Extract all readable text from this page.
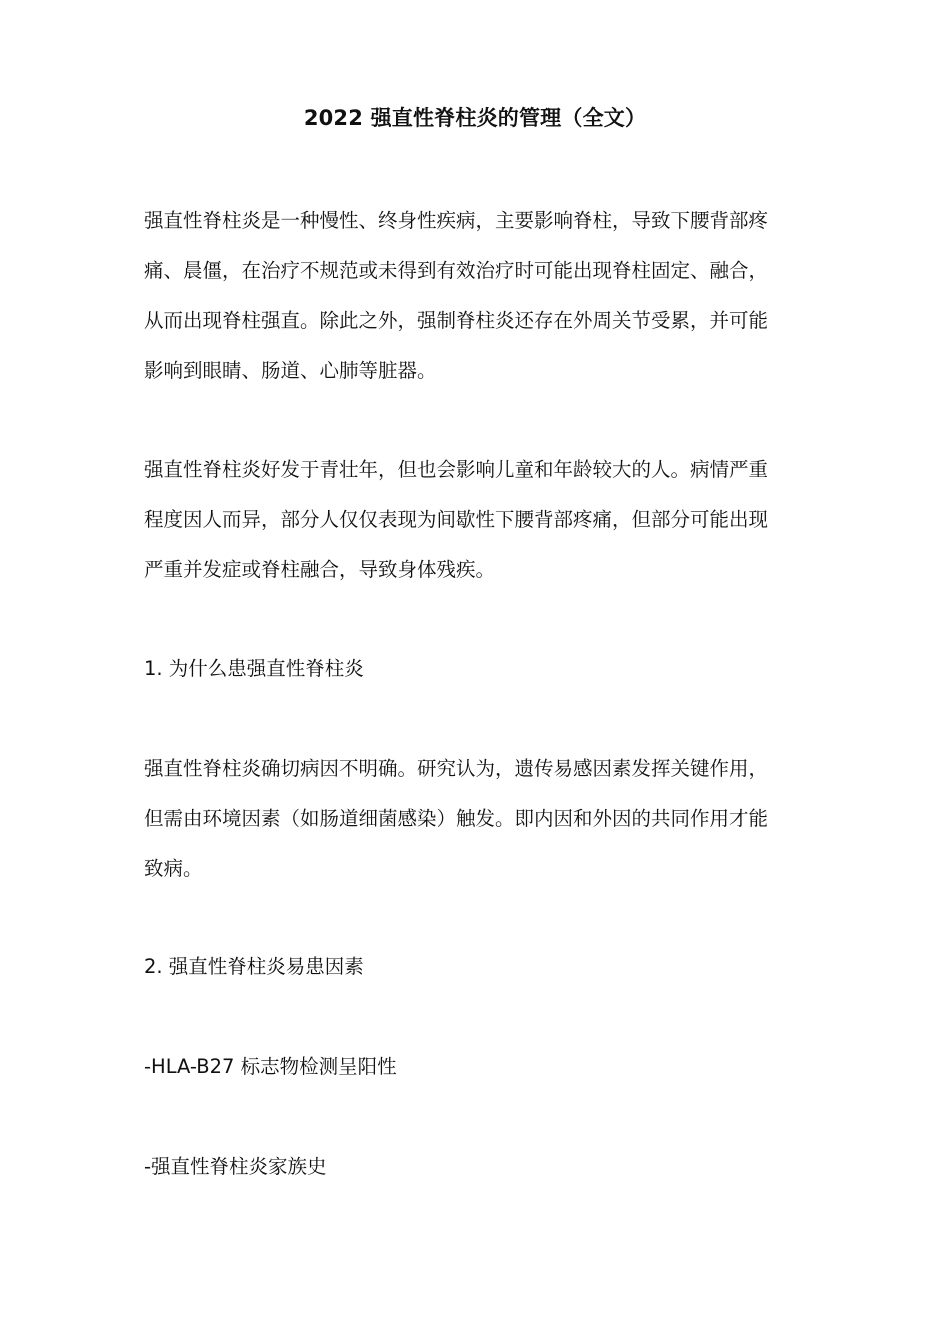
2022 强直性脊柱炎的管理（全文）
强直性脊柱炎是一种慢性、终身性疾病，主要影响脊柱，导致下腰背部疼
痛、晨僵，在治疗不规范或未得到有效治疗时可能出现脊柱固定、融合，
从而出现脊柱强直。除此之外，强制脊柱炎还存在外周关节受累，并可能
影响到眼睛、肠道、心肺等脏器。
强直性脊柱炎好发于青壮年，但也会影响儿童和年龄较大的人。病情严重
程度因人而异，部分人仅仅表现为间歇性下腰背部疼痛，但部分可能出现
严重并发症或脊柱融合，导致身体残疾。
1. 为什么患强直性脊柱炎
强直性脊柱炎确切病因不明确。研究认为，遗传易感因素发挥关键作用，
但需由环境因素（如肠道细菌感染）触发。即内因和外因的共同作用才能
致病。
2. 强直性脊柱炎易患因素
-HLA-B27 标志物检测呈阳性
-强直性脊柱炎家族史
